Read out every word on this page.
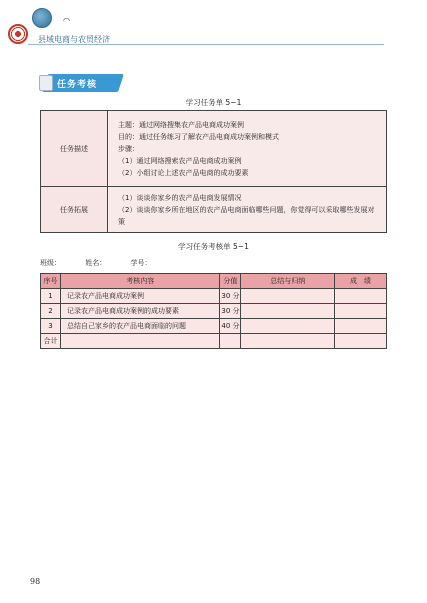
◠
县域电商与农贸经济
任务考核
学习任务单 5−1
任务描述	主题：通过网络搜集农产品电商成功案例
目的：通过任务练习了解农产品电商成功案例和模式
步骤：
（1）通过网络搜索农产品电商成功案例
（2）小组讨论上述农产品电商的成功要素

任务拓展	（1）谈谈你家乡的农产品电商发展情况
（2）谈谈你家乡所在地区的农产品电商面临哪些问题，你觉得可以采取哪些发展对策
学习任务考核单 5−1
班级：	姓名：	学号：
序号	考核内容	分值	总结与归纳	成　绩
1	记录农产品电商成功案例	30 分		
2	记录农产品电商成功案例的成功要素	30 分		
3	总结自己家乡的农产品电商面临的问题	40 分		
合计				
98
